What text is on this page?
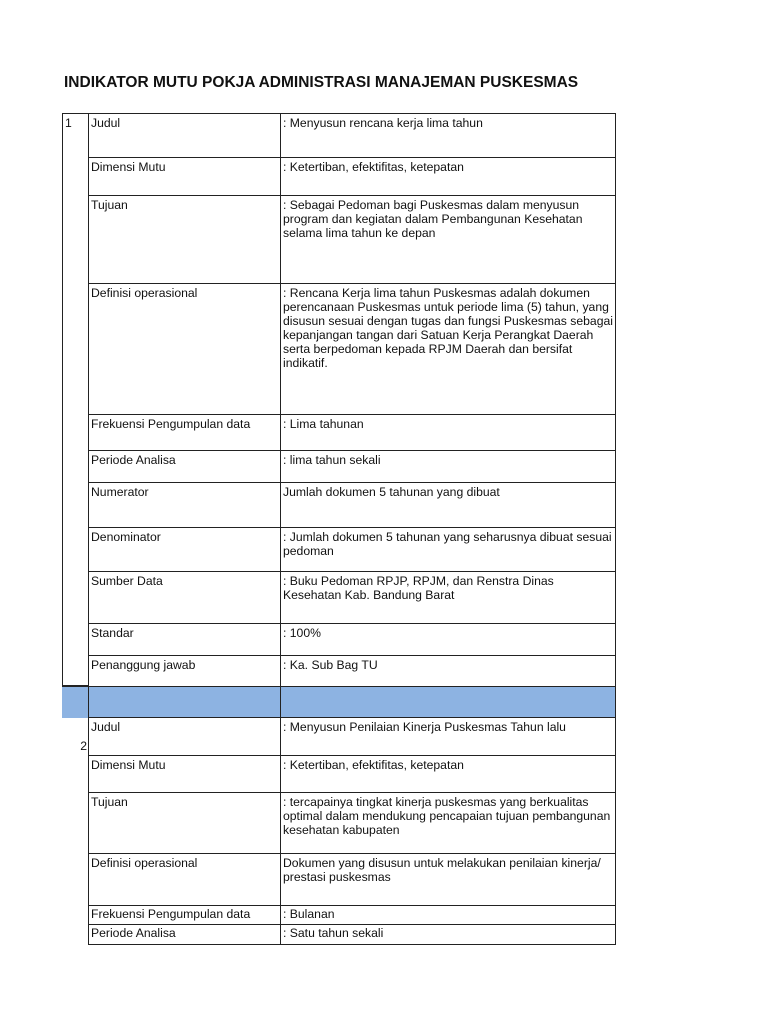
INDIKATOR MUTU POKJA ADMINISTRASI MANAJEMAN PUSKESMAS
1	Judul	: Menyusun rencana kerja lima tahun
Dimensi Mutu	: Ketertiban, efektifitas, ketepatan
Tujuan	: Sebagai Pedoman bagi Puskesmas dalam menyusun program dan kegiatan dalam Pembangunan Kesehatan selama lima tahun ke depan
Definisi operasional	: Rencana Kerja lima tahun Puskesmas adalah dokumen perencanaan Puskesmas untuk periode lima (5) tahun, yang disusun sesuai dengan tugas dan fungsi Puskesmas sebagai kepanjangan tangan dari Satuan Kerja Perangkat Daerah serta berpedoman kepada RPJM Daerah dan bersifat indikatif.
Frekuensi Pengumpulan data	: Lima tahunan
Periode Analisa	: lima tahun sekali
Numerator	Jumlah dokumen 5 tahunan yang dibuat
Denominator	: Jumlah dokumen 5 tahunan yang seharusnya dibuat sesuai pedoman
Sumber Data	: Buku Pedoman RPJP, RPJM, dan Renstra Dinas Kesehatan Kab. Bandung Barat
Standar	: 100%
Penanggung jawab	: Ka. Sub Bag TU
2
Judul	: Menyusun Penilaian Kinerja Puskesmas Tahun lalu
Dimensi Mutu	: Ketertiban, efektifitas, ketepatan
Tujuan	: tercapainya tingkat kinerja puskesmas yang berkualitas optimal dalam mendukung pencapaian tujuan pembangunan kesehatan kabupaten
Definisi operasional	Dokumen yang disusun untuk melakukan penilaian kinerja/ prestasi puskesmas
Frekuensi Pengumpulan data	: Bulanan
Periode Analisa	: Satu tahun sekali
